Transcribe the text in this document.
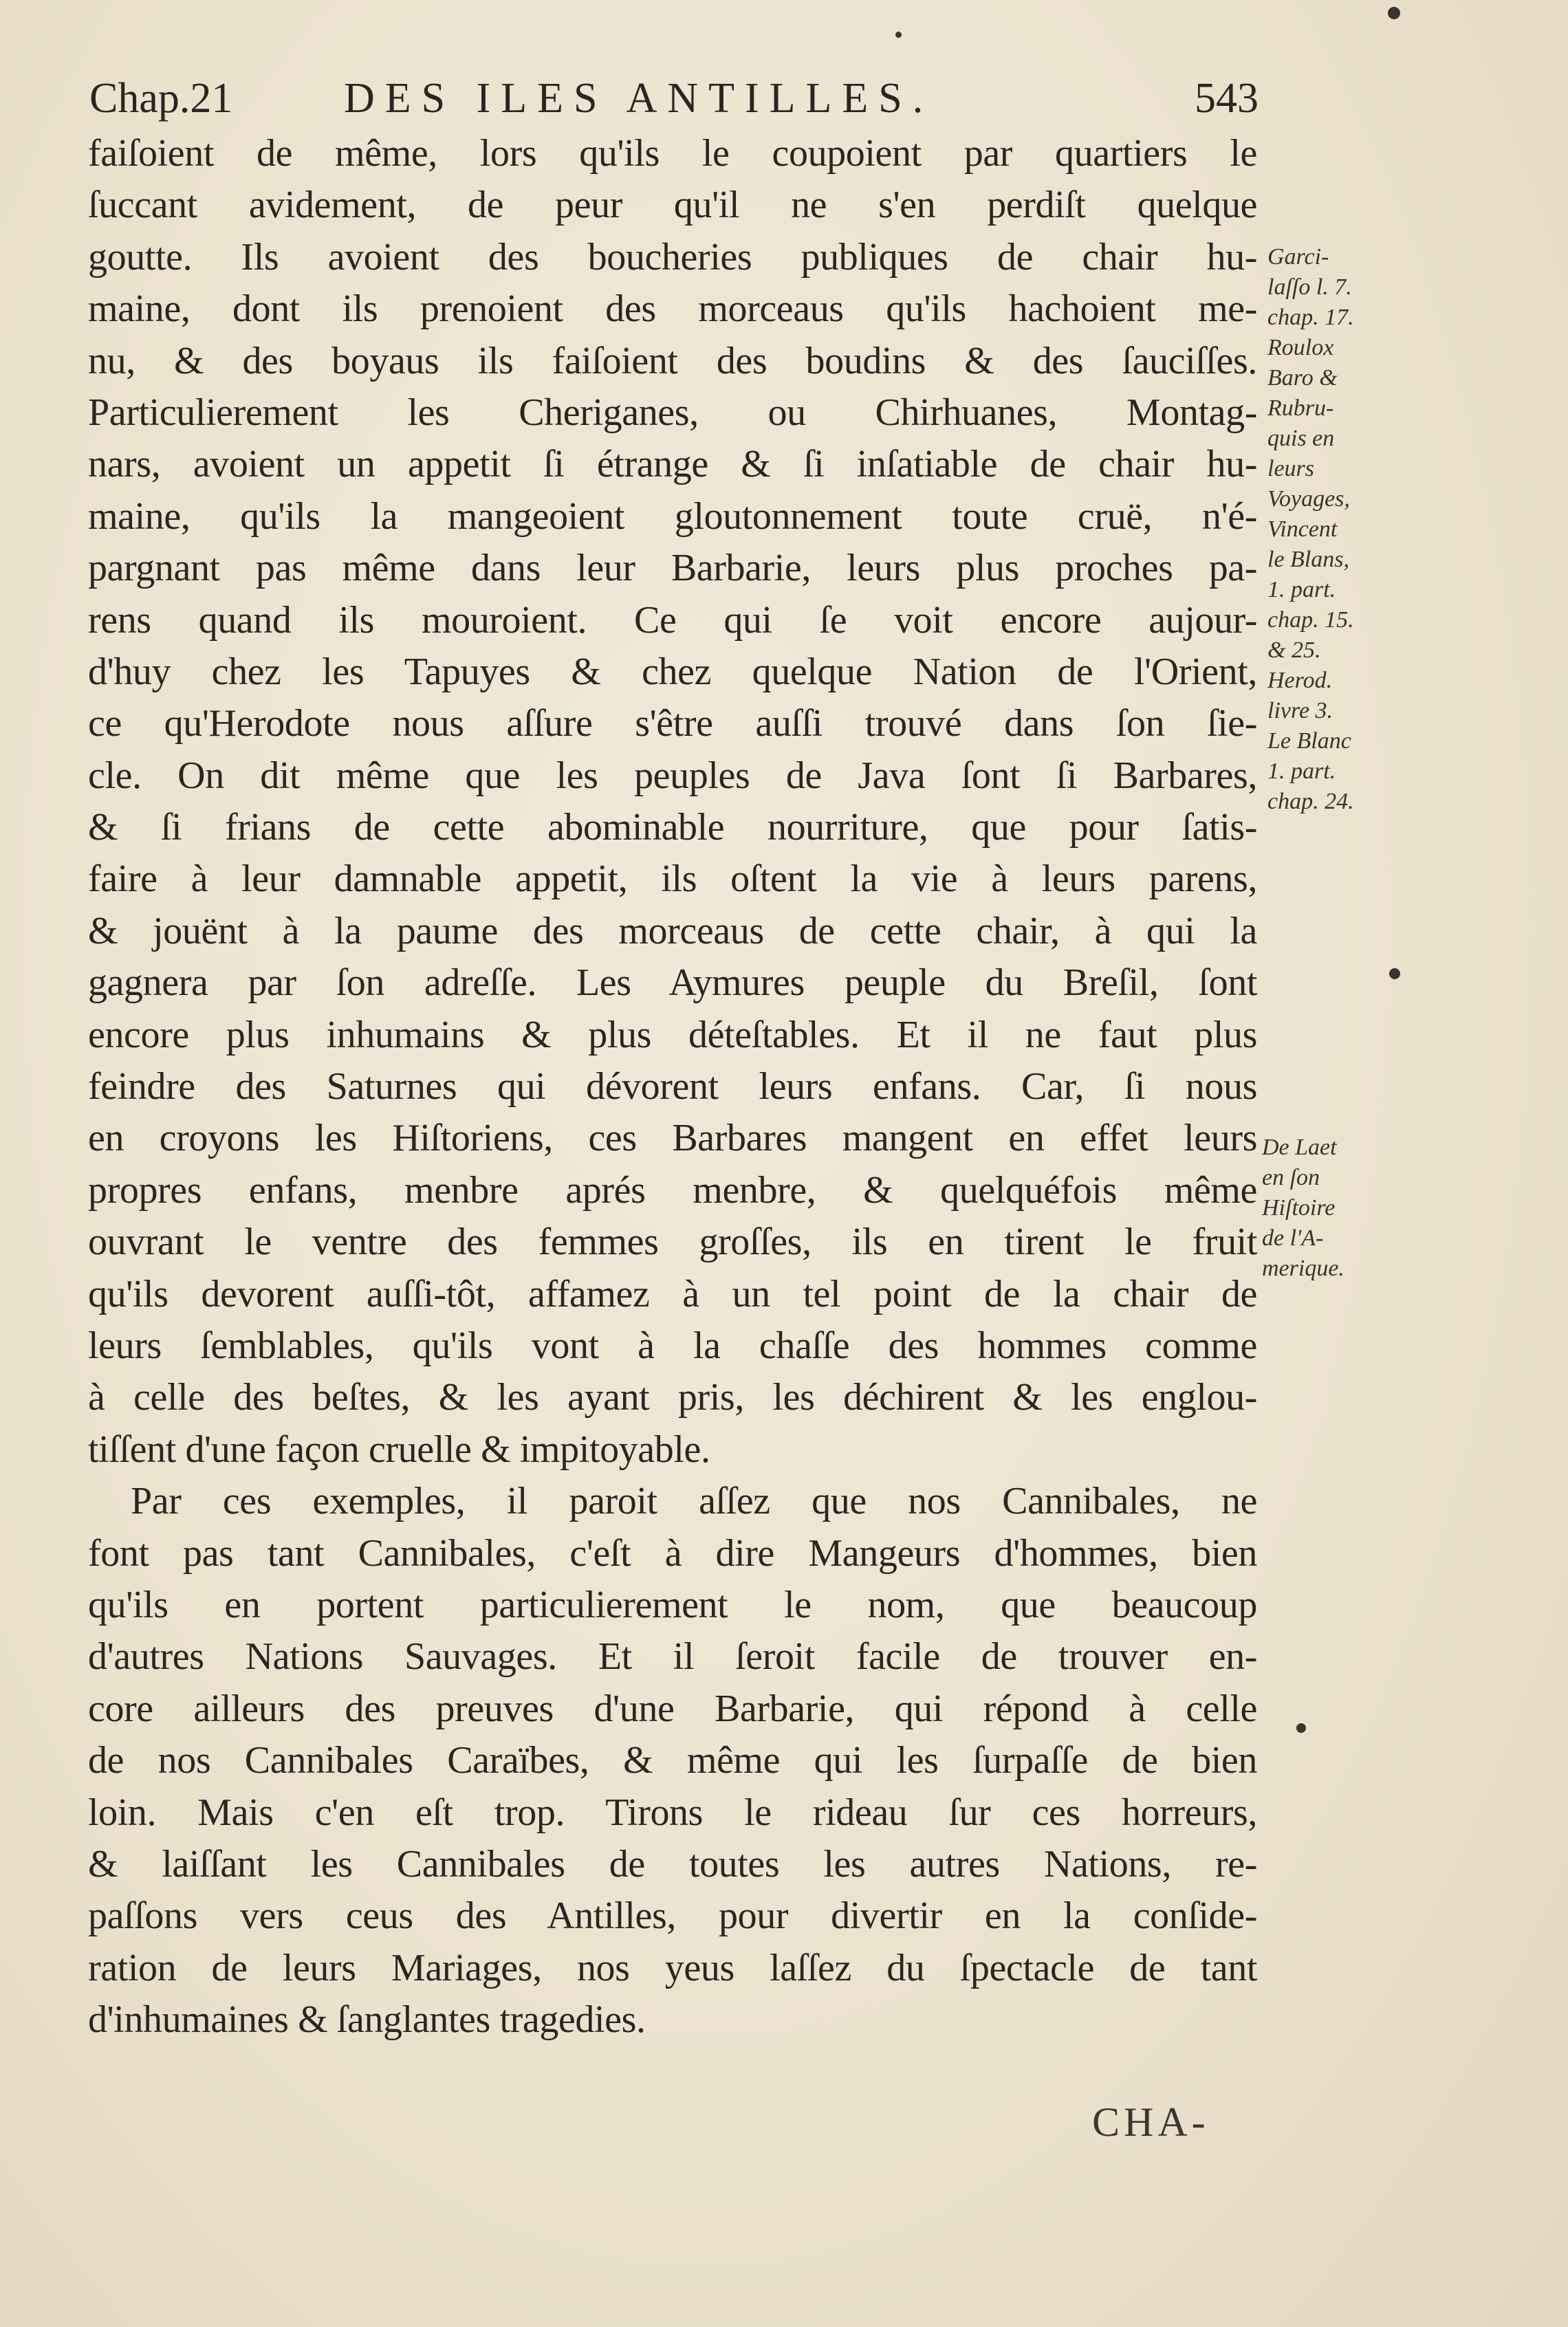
Chap.21	DES ILES ANTILLES.	543
faiſoient de même, lors qu'ils le coupoient par quartiers le
ſuccant avidement, de peur qu'il ne s'en perdiſt quelque
goutte. Ils avoient des boucheries publiques de chair hu-
maine, dont ils prenoient des morceaus qu'ils hachoient me-
nu, & des boyaus ils faiſoient des boudins & des ſauciſſes.
Particulierement les Cheriganes, ou Chirhuanes, Montag-
nars, avoient un appetit ſi étrange & ſi inſatiable de chair hu-
maine, qu'ils la mangeoient gloutonnement toute cruë, n'é-
pargnant pas même dans leur Barbarie, leurs plus proches pa-
rens quand ils mouroient. Ce qui ſe voit encore aujour-
d'huy chez les Tapuyes & chez quelque Nation de l'Orient,
ce qu'Herodote nous aſſure s'être auſſi trouvé dans ſon ſie-
cle. On dit même que les peuples de Java ſont ſi Barbares,
& ſi frians de cette abominable nourriture, que pour ſatis-
faire à leur damnable appetit, ils oſtent la vie à leurs parens,
& jouënt à la paume des morceaus de cette chair, à qui la
gagnera par ſon adreſſe. Les Aymures peuple du Breſil, ſont
encore plus inhumains & plus déteſtables. Et il ne faut plus
feindre des Saturnes qui dévorent leurs enfans. Car, ſi nous
en croyons les Hiſtoriens, ces Barbares mangent en effet leurs
propres enfans, menbre aprés menbre, & quelquéfois même
ouvrant le ventre des femmes groſſes, ils en tirent le fruit
qu'ils devorent auſſi-tôt, affamez à un tel point de la chair de
leurs ſemblables, qu'ils vont à la chaſſe des hommes comme
à celle des beſtes, & les ayant pris, les déchirent & les englou-
tiſſent d'une façon cruelle & impitoyable.
Par ces exemples, il paroit aſſez que nos Cannibales, ne
font pas tant Cannibales, c'eſt à dire Mangeurs d'hommes, bien
qu'ils en portent particulierement le nom, que beaucoup
d'autres Nations Sauvages. Et il ſeroit facile de trouver en-
core ailleurs des preuves d'une Barbarie, qui répond à celle
de nos Cannibales Caraïbes, & même qui les ſurpaſſe de bien
loin. Mais c'en eſt trop. Tirons le rideau ſur ces horreurs,
& laiſſant les Cannibales de toutes les autres Nations, re-
paſſons vers ceus des Antilles, pour divertir en la conſide-
ration de leurs Mariages, nos yeus laſſez du ſpectacle de tant
d'inhumaines & ſanglantes tragedies.
Garci-
laſſo l. 7.
chap. 17.
Roulox
Baro &
Rubru-
quis en
leurs
Voyages,
Vincent
le Blans,
1. part.
chap. 15.
& 25.
Herod.
livre 3.
Le Blanc
1. part.
chap. 24.
De Laet
en ſon
Hiſtoire
de l'A-
merique.
CHA-
